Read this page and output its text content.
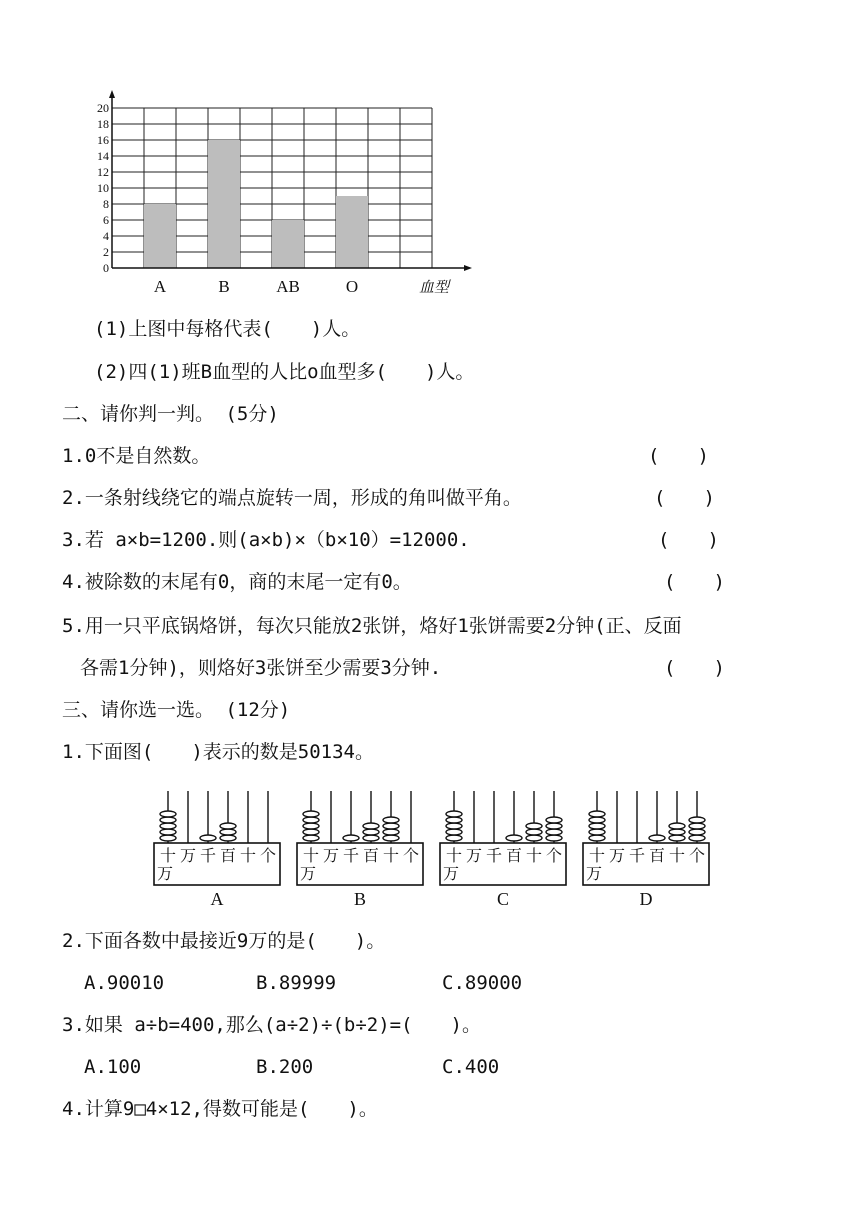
0
2
4
6
8
10
12
14
16
18
20
A	B	AB	O	血型
(1)上图中每格代表(　　)人。
(2)四(1)班B血型的人比o血型多(　　)人。
二、请你判一判。 (5分)
1.0不是自然数。	(　　)
2.一条射线绕它的端点旋转一周，形成的角叫做平角。	(　　)
3.若 a×b=1200.则(a×b)×（b×10）=12000.	(　　)
4.被除数的末尾有0，商的末尾一定有0。	(　　)
5.用一只平底锅烙饼，每次只能放2张饼，烙好1张饼需要2分钟(正、反面
各需1分钟)，则烙好3张饼至少需要3分钟.	(　　)
三、请你选一选。 (12分)
1.下面图(　　)表示的数是50134。
十 万 千 百 十 个
万
A
十 万 千 百 十 个
万
B
十 万 千 百 十 个
万
C
十 万 千 百 十 个
万
D
2.下面各数中最接近9万的是(　　)。
A.90010	B.89999	C.89000
3.如果 a÷b=400,那么(a÷2)÷(b÷2)=(　　)。
A.100	B.200	C.400
4.计算9□4×12,得数可能是(　　)。
